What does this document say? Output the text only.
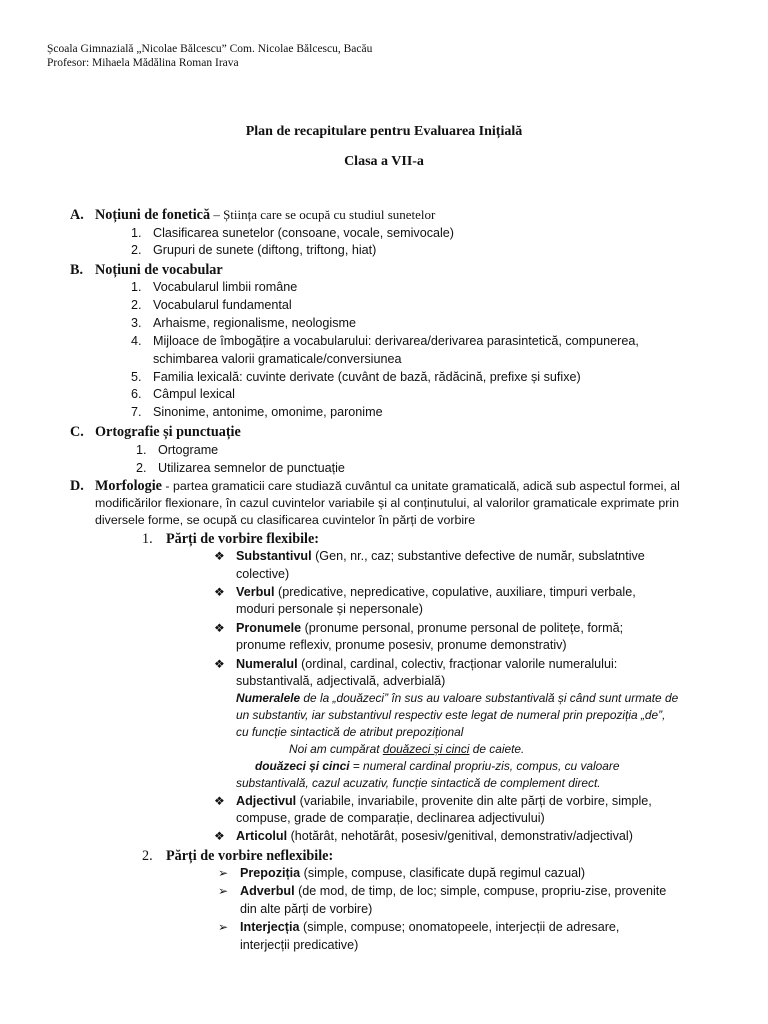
Școala Gimnazială „Nicolae Bălcescu” Com. Nicolae Bălcescu, Bacău
Profesor: Mihaela Mădălina Roman Irava
Plan de recapitulare pentru Evaluarea Inițială
Clasa a VII-a
A. Noțiuni de fonetică – Știința care se ocupă cu studiul sunetelor
1. Clasificarea sunetelor (consoane, vocale, semivocale)
2. Grupuri de sunete (diftong, triftong, hiat)
B. Noțiuni de vocabular
1. Vocabularul limbii române
2. Vocabularul fundamental
3. Arhaisme, regionalisme, neologisme
4. Mijloace de îmbogățire a vocabularului: derivarea/derivarea parasintetică, compunerea,
schimbarea valorii gramaticale/conversiunea
5. Familia lexicală: cuvinte derivate (cuvânt de bază, rădăcină, prefixe și sufixe)
6. Câmpul lexical
7. Sinonime, antonime, omonime, paronime
C. Ortografie și punctuație
1. Ortograme
2. Utilizarea semnelor de punctuație
D. Morfologie - partea gramaticii care studiază cuvântul ca unitate gramaticală, adică sub aspectul formei, al
modificărilor flexionare, în cazul cuvintelor variabile și al conținutului, al valorilor gramaticale exprimate prin
diversele forme, se ocupă cu clasificarea cuvintelor în părți de vorbire
1. Părți de vorbire flexibile:
❖ Substantivul (Gen, nr., caz; substantive defective de număr, subslatntive
colective)
❖ Verbul (predicative, nepredicative, copulative, auxiliare, timpuri verbale,
moduri personale și nepersonale)
❖ Pronumele (pronume personal, pronume personal de politețe, formă;
pronume reflexiv, pronume posesiv, pronume demonstrativ)
❖ Numeralul (ordinal, cardinal, colectiv, fracționar valorile numeralului:
substantivală, adjectivală, adverbială)
Numeralele de la „douăzeci” în sus au valoare substantivală și când sunt urmate de
un substantiv, iar substantivul respectiv este legat de numeral prin prepoziția „de”,
cu funcție sintactică de atribut prepozițional
Noi am cumpărat douăzeci și cinci de caiete.
douăzeci și cinci = numeral cardinal propriu-zis, compus, cu valoare
substantivală, cazul acuzativ, funcție sintactică de complement direct.
❖ Adjectivul (variabile, invariabile, provenite din alte părți de vorbire, simple,
compuse, grade de comparație, declinarea adjectivului)
❖ Articolul (hotărât, nehotărât, posesiv/genitival, demonstrativ/adjectival)
2. Părți de vorbire neflexibile:
➢ Prepoziția (simple, compuse, clasificate după regimul cazual)
➢ Adverbul (de mod, de timp, de loc; simple, compuse, propriu-zise, provenite
din alte părți de vorbire)
➢ Interjecția (simple, compuse; onomatopeele, interjecții de adresare,
interjecții predicative)
